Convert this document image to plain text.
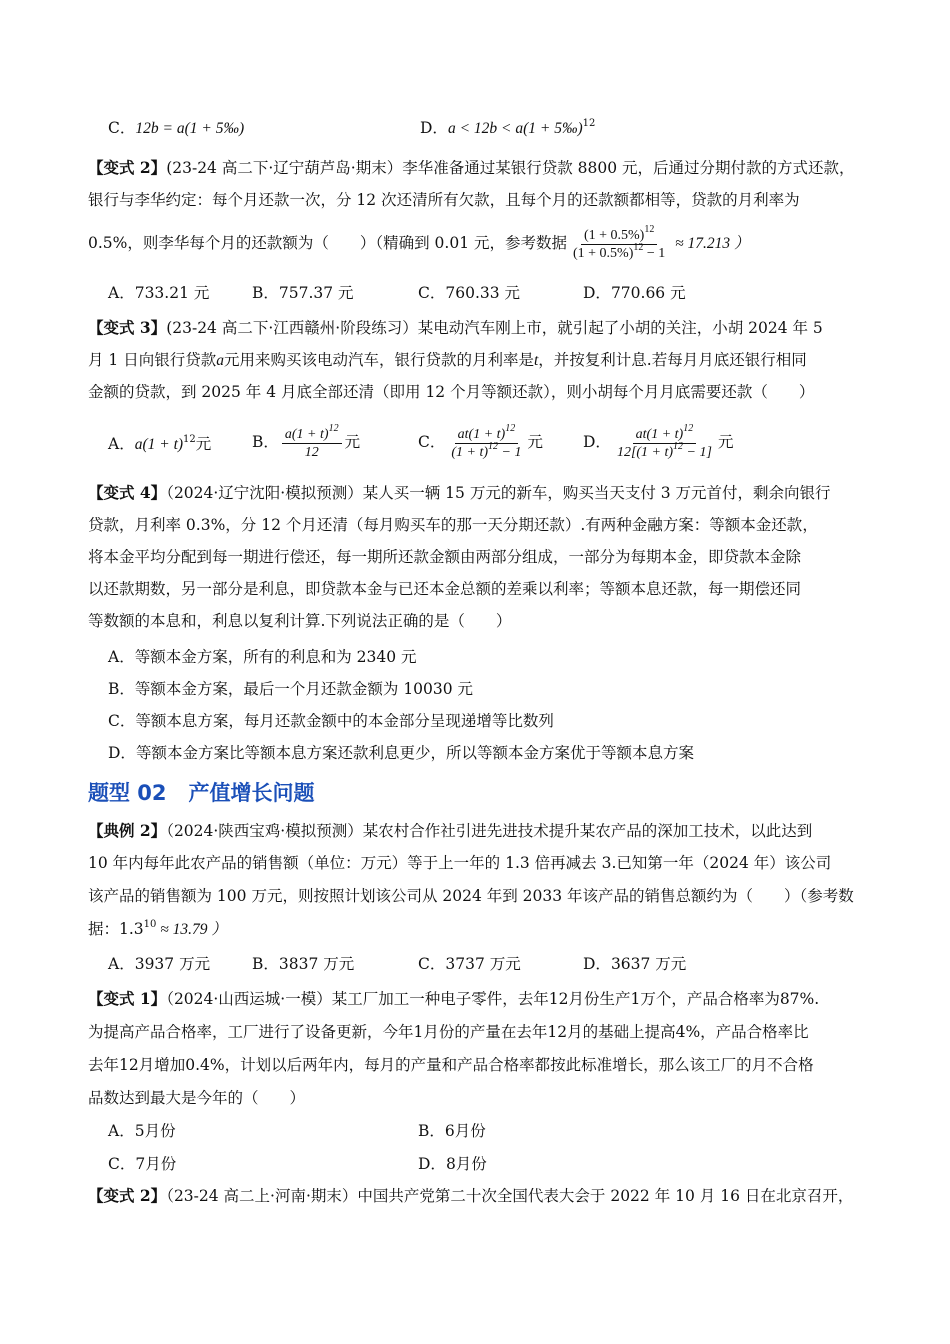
C．12b = a(1 + 5‰)	D．a < 12b < a(1 + 5‰)$^{12}$
【变式 2】(23-24 高二下·辽宁葫芦岛·期末）李华准备通过某银行贷款 8800 元，后通过分期付款的方式还款，
银行与李华约定：每个月还款一次，分 12 次还清所有欠款，且每个月的还款额都相等，贷款的月利率为
0.5%，则李华每个月的还款额为（　　）（精确到 0.01 元，参考数据 $\frac{(1 + 0.5\%)^{12}}{(1 + 0.5\%)^{12} - 1} \approx 17.213$ ）
A．733.21 元	B．757.37 元	C．760.33 元	D．770.66 元
【变式 3】(23-24 高二下·江西赣州·阶段练习）某电动汽车刚上市，就引起了小胡的关注，小胡 2024 年 5
月 1 日向银行贷款a元用来购买该电动汽车，银行贷款的月利率是t，并按复利计息.若每月月底还银行相同
金额的贷款，到 2025 年 4 月底全部还清（即用 12 个月等额还款），则小胡每个月月底需要还款（　　）
A．$a(1 + t)^{12}$元	B． $\frac{a(1 + t)^{12}}{12}$ 元	C． $\frac{at(1 + t)^{12}}{(1 + t)^{12} - 1}$ 元	D． $\frac{at(1 + t)^{12}}{12[(1 + t)^{12} - 1]}$ 元
【变式 4】（2024·辽宁沈阳·模拟预测）某人买一辆 15 万元的新车，购买当天支付 3 万元首付，剩余向银行
贷款，月利率 0.3%，分 12 个月还清（每月购买车的那一天分期还款）.有两种金融方案：等额本金还款，
将本金平均分配到每一期进行偿还，每一期所还款金额由两部分组成，一部分为每期本金，即贷款本金除
以还款期数，另一部分是利息，即贷款本金与已还本金总额的差乘以利率；等额本息还款，每一期偿还同
等数额的本息和，利息以复利计算.下列说法正确的是（　　）
A．等额本金方案，所有的利息和为 2340 元
B．等额本金方案，最后一个月还款金额为 10030 元
C．等额本息方案，每月还款金额中的本金部分呈现递增等比数列
D．等额本金方案比等额本息方案还款利息更少，所以等额本金方案优于等额本息方案
题型 02 产值增长问题
【典例 2】（2024·陕西宝鸡·模拟预测）某农村合作社引进先进技术提升某农产品的深加工技术，以此达到
10 年内每年此农产品的销售额（单位：万元）等于上一年的 1.3 倍再减去 3.已知第一年（2024 年）该公司
该产品的销售额为 100 万元，则按照计划该公司从 2024 年到 2033 年该产品的销售总额约为（　　）（参考数
据：$1.3^{10} \approx 13.79$ ）
A．3937 万元	B．3837 万元	C．3737 万元	D．3637 万元
【变式 1】（2024·山西运城·一模）某工厂加工一种电子零件，去年12月份生产1万个，产品合格率为87%.
为提高产品合格率，工厂进行了设备更新，今年1月份的产量在去年12月的基础上提高4%，产品合格率比
去年12月增加0.4%，计划以后两年内，每月的产量和产品合格率都按此标准增长，那么该工厂的月不合格
品数达到最大是今年的（　　）
A．5月份	B．6月份
C．7月份	D．8月份
【变式 2】（23-24 高二上·河南·期末）中国共产党第二十次全国代表大会于 2022 年 10 月 16 日在北京召开，
